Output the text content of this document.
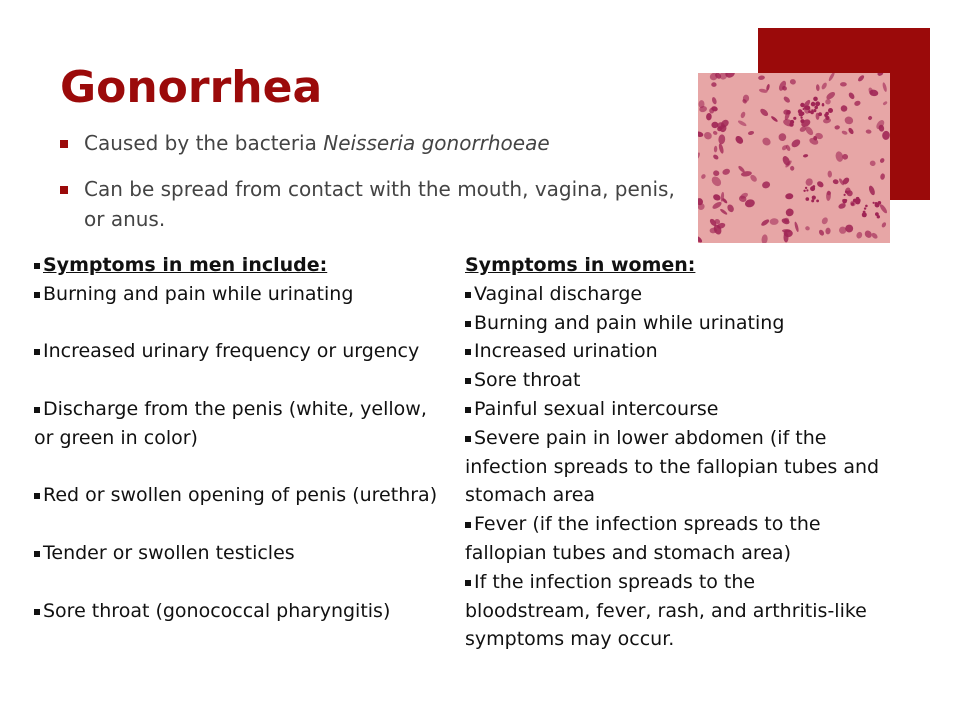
Gonorrhea
Caused by the bacteria Neisseria gonorrhoeae
Can be spread from contact with the mouth, vagina, penis, or anus.
Symptoms in men include:
Burning and pain while urinating
Increased urinary frequency or urgency
Discharge from the penis (white, yellow, or green in color)
Red or swollen opening of penis (urethra)
Tender or swollen testicles
Sore throat (gonococcal pharyngitis)
Symptoms in women:
Vaginal discharge
Burning and pain while urinating
Increased urination
Sore throat
Painful sexual intercourse
Severe pain in lower abdomen (if the infection spreads to the fallopian tubes and stomach area
Fever (if the infection spreads to the fallopian tubes and stomach area)
If the infection spreads to the bloodstream, fever, rash, and arthritis-like symptoms may occur.
